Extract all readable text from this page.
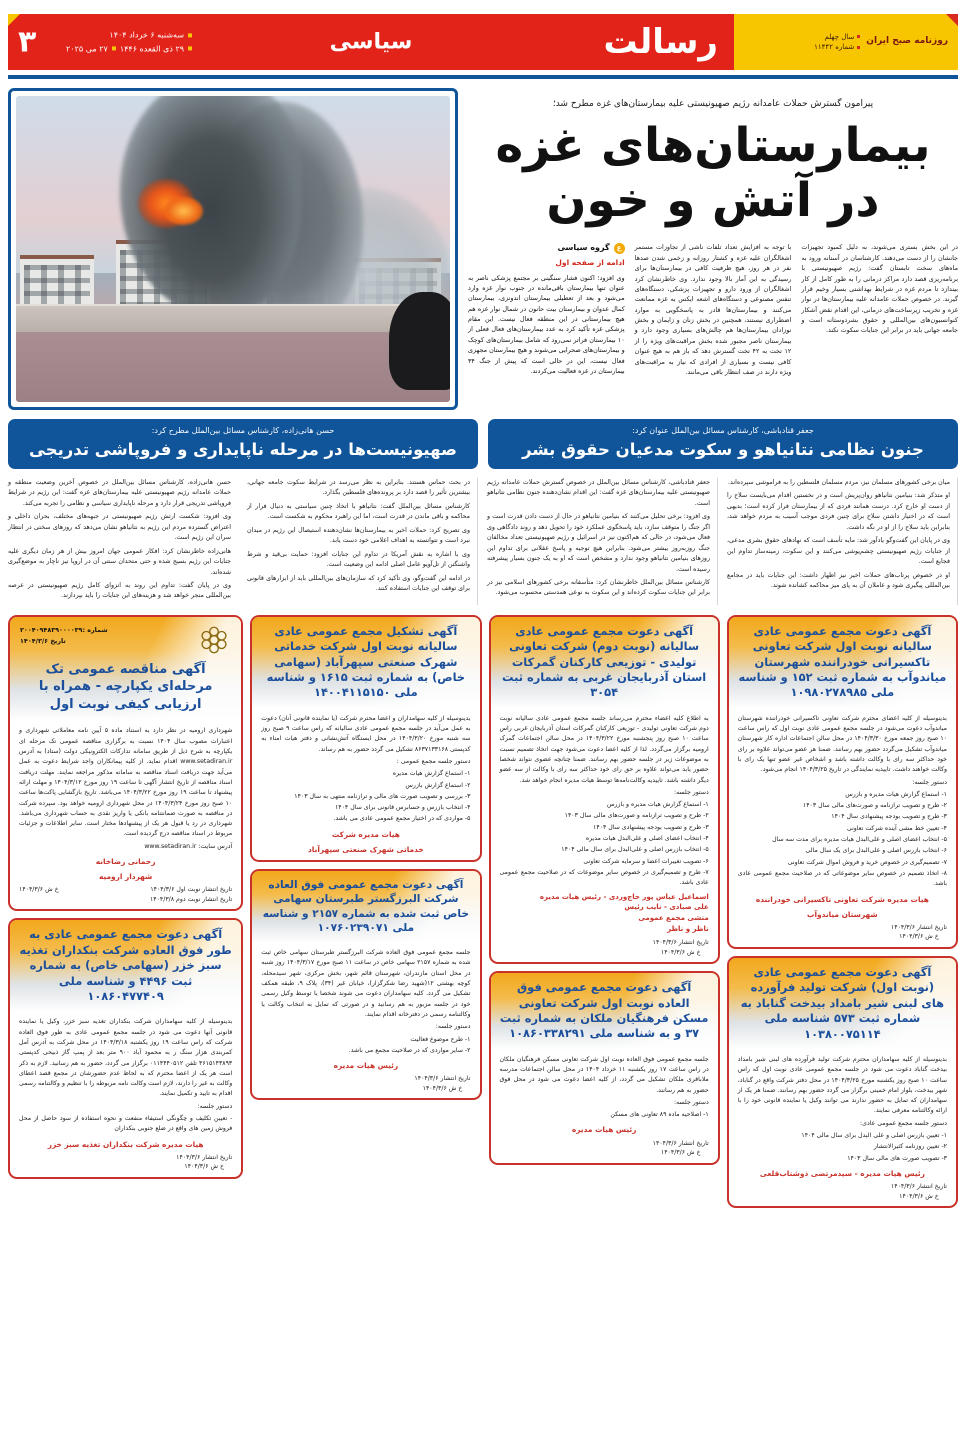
روزنامه صبح ایران
سال چهلم
شماره ۱۱۴۴۲
رسالت
سیاسی
سه‌شنبه ۶ خرداد ۱۴۰۴
۲۹ ذی القعده ۱۴۴۶
۲۷ می ۲۰۲۵
۳
پیرامون گسترش حملات عامدانه رژیم صهیونیستی علیه بیمارستان‌های غزه مطرح شد؛
بیمارستان‌های غزه
در آتش و خون
در این بخش بستری می‌شوند، به دلیل کمبود تجهیزات جانشان را از دست می‌دهند. کارشناسان در آستانه ورود به ماه‌های سخت تابستان گفت: رژیم صهیونیستی با برنامه‌ریزی قصد دارد مراکز درمانی را به طور کامل از کار بیندازد تا مردم غزه در شرایط بهداشتی بسیار وخیم قرار گیرند. در خصوص حملات عامدانه علیه بیمارستان‌ها در نوار غزه و تخریب زیرساخت‌های درمانی، این اقدام نقض آشکار کنوانسیون‌های بین‌المللی و حقوق بشردوستانه است و جامعه جهانی باید در برابر این جنایات سکوت نکند.
با توجه به افزایش تعداد تلفات ناشی از تجاوزات مستمر اشغالگران علیه غزه و کشتار روزانه و زخمی شدن صدها نفر در هر روز، هیچ ظرفیت کافی در بیمارستان‌ها برای رسیدگی به این آمار بالا وجود ندارد. وی خاطرنشان کرد اشغالگران از ورود دارو و تجهیزات پزشکی، دستگاه‌های تنفس مصنوعی و دستگاه‌های اشعه ایکس به غزه ممانعت می‌کنند و بیمارستان‌ها قادر به پاسخگویی به موارد اضطراری نیستند، همچنین در بخش زنان و زایمان و بخش نوزادان بیمارستان‌ها هم چالش‌های بسیاری وجود دارد و بیمارستان ناصر مجبور شده بخش مراقبت‌های ویژه را از ۱۲ تخت به ۴۲ تخت گسترش دهد که باز هم به هیچ عنوان کافی نیست و بسیاری از افرادی که نیاز به مراقبت‌های ویژه دارند در صف انتظار باقی می‌مانند.
ع
گروه سیاسی
ادامه از صفحه اول
وی افزود؛ اکنون فشار سنگینی بر مجتمع پزشکی ناصر به عنوان تنها بیمارستان باقی‌مانده در جنوب نوار غزه وارد می‌شود و بعد از تعطیلی بیمارستان اندونزی، بیمارستان کمال عدوان و بیمارستان بیت حانون در شمال نوار غزه هم هیچ بیمارستانی در این منطقه فعال نیست. این مقام پزشکی غزه تأکید کرد به عدد بیمارستان‌های فعال فعلی از ۱۰ بیمارستان فراتر نمی‌رود که شامل بیمارستان‌های کوچک و بیمارستان‌های صحرایی می‌شوند و هیچ بیمارستان مجهزی فعال نیست، این در حالی است که پیش از جنگ ۳۴ بیمارستان در غزه فعالیت می‌کردند.
جعفر قنادباشی، کارشناس مسائل بین‌الملل عنوان کرد:
جنون نظامی نتانیاهو و سکوت مدعیان حقوق بشر
حسن هانی‌زاده، کارشناس مسائل بین‌الملل مطرح کرد:
صهیونیست‌ها در مرحله ناپایداری و فروپاشی تدریجی

میان برخی کشورهای مسلمان نیز، مردم مسلمان فلسطین را به فراموشی سپرده‌اند.

او متذکر شد: بنیامین نتانیاهو روان‌پریش است و در نخستین اقدام می‌بایست سلاح را از دست او خارج کرد. درست همانند فردی که از بیمارستان فرار کرده است؛ بدیهی است که در اختیار داشتن سلاح برای چنین فردی موجب آسیب به مردم خواهد شد، بنابراین باید سلاح را از او در نگه داشت.

وی در پایان این گفت‌وگو یادآور شد: مایه تأسف است که نهادهای حقوق بشری مدعی، از جنایات رژیم صهیونیستی چشم‌پوشی می‌کنند و این سکوت، زمینه‌ساز تداوم این فجایع است.

او در خصوص پرتاب‌های حملات اخیر نیز اظهار داشت: این جنایات باید در مجامع بین‌المللی پیگیری شود و عاملان آن به پای میز محاکمه کشانده شوند.

جعفر قنادباشی، کارشناس مسائل بین‌الملل در خصوص گسترش حملات عامدانه رژیم صهیونیستی علیه بیمارستان‌های غزه گفت: این اقدام نشان‌دهنده جنون نظامی نتانیاهو است.

وی افزود: برخی تحلیل می‌کنند که بنیامین نتانیاهو در حال از دست دادن قدرت است و اگر جنگ را متوقف سازد، باید پاسخگوی عملکرد خود را تحویل دهد و روند دادگاهی وی فعال می‌شود، در حالی که هم‌اکنون نیز در اسرائیل و رژیم صهیونیستی تعداد مخالفان جنگ روزبه‌روز بیشتر می‌شود. بنابراین هیچ توجیه و پاسخ عقلانی برای تداوم این روزهای بنیامین نتانیاهو وجود ندارد و مشخص است که او به یک جنون بسیار پیشرفته رسیده است.

کارشناس مسائل بین‌الملل خاطرنشان کرد: متأسفانه برخی کشورهای اسلامی نیز در برابر این جنایات سکوت کرده‌اند و این سکوت به نوعی همدستی محسوب می‌شود.

در بحث حماس هستند. بنابراین به نظر می‌رسد در شرایط سکوت جامعه جهانی، بیشترین تأثیر را قصد دارد بر پرونده‌های فلسطین بگذارد.

کارشناس مسائل بین‌الملل گفت: نتانیاهو با اتخاذ چنین سیاستی به دنبال فرار از محاکمه و باقی ماندن در قدرت است، اما این راهبرد محکوم به شکست است.

وی تصریح کرد: حملات اخیر به بیمارستان‌ها نشان‌دهنده استیصال این رژیم در میدان نبرد است و نتوانسته به اهداف اعلامی خود دست یابد.

وی با اشاره به نقش آمریکا در تداوم این جنایات افزود: حمایت بی‌قید و شرط واشنگتن از تل‌آویو عامل اصلی ادامه این وضعیت است.

در ادامه این گفت‌وگو، وی تأکید کرد که سازمان‌های بین‌المللی باید از ابزارهای قانونی برای توقف این جنایات استفاده کنند.

حسن هانی‌زاده، کارشناس مسائل بین‌الملل در خصوص آخرین وضعیت منطقه و حملات عامدانه رژیم صهیونیستی علیه بیمارستان‌های غزه گفت: این رژیم در شرایط فروپاشی تدریجی قرار دارد و مرحله ناپایداری سیاسی و نظامی را تجربه می‌کند.

وی افزود: شکست ارتش رژیم صهیونیستی در جبهه‌های مختلف، بحران داخلی و اعتراض گسترده مردم این رژیم به نتانیاهو نشان می‌دهد که روزهای سختی در انتظار سران این رژیم است.

هانی‌زاده خاطرنشان کرد: افکار عمومی جهان امروز بیش از هر زمان دیگری علیه جنایات این رژیم بسیج شده و حتی متحدان سنتی آن در اروپا نیز ناچار به موضع‌گیری شده‌اند.

وی در پایان گفت: تداوم این روند به انزوای کامل رژیم صهیونیستی در عرصه بین‌المللی منجر خواهد شد و هزینه‌های این جنایات را باید بپردازند.

آگهی دعوت مجمع عمومی عادی سالیانه نوبت اول شرکت تعاونی تاکسیرانی خودراننده شهرستان میاندوآب به شماره ثبت ۱۵۲ و شناسه ملی ۱۰۹۸۰۲۷۸۹۸۵

بدینوسیله از کلیه اعضای محترم شرکت تعاونی تاکسیرانی خودراننده شهرستان میاندوآب دعوت می‌شود در جلسه مجمع عمومی عادی نوبت اول که راس ساعت ۱۰ صبح روز جمعه مورخ ۱۴۰۴/۳/۳۰ در محل سالن اجتماعات اداره کار شهرستان میاندوآب تشکیل می‌گردد حضور بهم رسانند. ضمنا هر عضو می‌تواند علاوه بر رای خود حداکثر سه رای با وکالت داشته باشد و اشخاص غیر عضو تنها یک رای با وکالت خواهند داشت. تاییدیه نمایندگی در تاریخ ۱۴۰۴/۳/۲۵ انجام می‌شود.

دستور جلسه:

۱- استماع گزارش هیات مدیره و بازرس
۲- طرح و تصویب ترازنامه و صورت‌های مالی سال ۱۴۰۳
۳- طرح و تصویب بودجه پیشنهادی سال ۱۴۰۴
۴- تعیین خط مشی آینده شرکت تعاونی
۵- انتخاب اعضای اصلی و علی‌البدل هیات مدیره برای مدت سه سال
۶- انتخاب بازرس اصلی و علی‌البدل برای یک سال مالی
۷- تصمیم‌گیری در خصوص خرید و فروش اموال شرکت تعاونی
۸- اتخاذ تصمیم در خصوص سایر موضوعاتی که در صلاحیت مجمع عمومی عادی باشد.
هیات مدیره شرکت تعاونی تاکسیرانی خودراننده
شهرستان میاندوآب
تاریخ انتشار ۱۴۰۴/۳/۶
خ ش ۱۴۰۴/۳/۶
آگهی دعوت مجمع عمومی عادی (نوبت اول) شرکت تولید فرآورده های لبنی شیر بامداد بیدخت گناباد به شماره ثبت ۵۷۳ شناسه ملی ۱۰۳۸۰۰۷۵۱۱۴

بدینوسیله از کلیه سهامداران محترم شرکت تولید فرآورده های لبنی شیر بامداد بیدخت گناباد دعوت می شود در جلسه مجمع عمومی عادی نوبت اول که راس ساعت ۱۰ صبح روز یکشنبه مورخ ۱۴۰۴/۳/۲۵ در محل دفتر شرکت واقع در گناباد، شهر بیدخت، بلوار امام خمینی برگزار می گردد حضور بهم رسانند. ضمنا هر یک از سهامداران که تمایل به حضور ندارند می توانند وکیل یا نماینده قانونی خود را با ارائه وکالتنامه معرفی نمایند.

دستور جلسه مجمع عمومی عادی:

۱- تعیین بازرس اصلی و علی البدل برای سال مالی ۱۴۰۴
۲- تعیین روزنامه کثیرالانتشار
۳- تصویب صورت های مالی سال ۱۴۰۳
رئیس هیات مدیره - سیدمرتضی ذوشتاب‌قلعی
تاریخ انتشار ۱۴۰۴/۳/۶
خ ش ۱۴۰۴/۳/۶
آگهی دعوت مجمع عمومی عادی سالیانه (نوبت دوم) شرکت تعاونی تولیدی - توزیعی کارکنان گمرکات استان آذربایجان غربی به شماره ثبت ۳۰۵۴

به اطلاع کلیه اعضاء محترم می‌رساند جلسه مجمع عمومی عادی سالیانه نوبت دوم شرکت تعاونی تولیدی - توزیعی کارکنان گمرکات استان آذربایجان غربی راس ساعت ۱۰ صبح روز پنجشنبه مورخ ۱۴۰۴/۳/۲۲ در محل سالن اجتماعات گمرک ارومیه برگزار می‌گردد. لذا از کلیه اعضا دعوت می‌شود جهت اتخاذ تصمیم نسبت به موضوعات زیر در جلسه حضور بهم رسانند. ضمنا چنانچه عضوی نتواند شخصا حضور یابد می‌تواند علاوه بر حق رای خود حداکثر سه رای با وکالت از سه عضو دیگر داشته باشد. تاییدیه وکالت‌نامه‌ها توسط هیات مدیره انجام خواهد شد.

دستور جلسه:

۱- استماع گزارش هیات مدیره و بازرس
۲- طرح و تصویب ترازنامه و صورت‌های مالی سال ۱۴۰۳
۳- طرح و تصویب بودجه پیشنهادی سال ۱۴۰۴
۴- انتخاب اعضای اصلی و علی‌البدل هیات مدیره
۵- انتخاب بازرس اصلی و علی‌البدل برای سال مالی ۱۴۰۴
۶- تصویب تغییرات اعضا و سرمایه شرکت تعاونی
۷- طرح و تصمیم‌گیری در خصوص سایر موضوعات که در صلاحیت مجمع عمومی عادی باشد.
اسماعیل عباس پور حاج‌وردی - رئیس هیات مدیره
علی صیادی - نایب رئیس
منشی مجمع عمومی
ناظر و ناظر
تاریخ انتشار ۱۴۰۴/۳/۶
خ ش ۱۴۰۴/۳/۶
آگهی دعوت مجمع عمومی فوق العاده نوبت اول شرکت تعاونی مسکن فرهنگیان ملکان به شماره ثبت ۳۷ و به شناسه ملی ۱۰۸۶۰۳۳۸۲۹۱

جلسه مجمع عمومی فوق العاده نوبت اول شرکت تعاونی مسکن فرهنگیان ملکان در راس ساعت ۱۷ روز یکشنبه ۱۱ خرداد ۱۴۰۴ در محل سالن اجتماعات مدرسه ملاباقری ملکان تشکیل می گردد، از کلیه اعضا دعوت می شود در محل فوق حضور به هم رسانند.

دستور جلسه:

۱- اصلاحیه ماده ۸۹ تعاونی های مسکن
رئیس هیات مدیره
تاریخ انتشار ۱۴۰۴/۳/۶
خ ش ۱۴۰۴/۳/۶
آگهی تشکیل مجمع عمومی عادی سالیانه نوبت اول شرکت خدماتی شهرک صنعتی سپهرآباد (سهامی خاص) به شماره ثبت ۱۶۱۵ و شناسه ملی ۱۴۰۰۴۱۱۵۱۵۰

بدینوسیله از کلیه سهامداران و اعضا محترم شرکت (یا نماینده قانونی آنان) دعوت به عمل می‌آید در جلسه مجمع عمومی عادی سالیانه که راس ساعت ۹ صبح روز سه شنبه مورخ ۱۴۰۴/۳/۲۰ در محل ایستگاه آتش‌نشانی و دفتر هیات امناء به کدپستی ۸۶۳۷۱۳۳۱۶۸ تشکیل می گردد حضور به هم رساند.

دستور جلسه مجمع عمومی :

۱- استماع گزارش هیات مدیره
۲- استماع گزارش بازرس
۳- بررسی و تصویب صورت های مالی و ترازنامه منتهی به سال ۱۴۰۳
۴- انتخاب بازرس و حسابرس قانونی برای سال ۱۴۰۴
۵- مواردی که در اختیار مجمع عمومی عادی می باشد.
هیات مدیره شرکت
خدماتی شهرک صنعتی سپهرآباد
آگهی دعوت مجمع عمومی فوق العاده شرکت البرزگستر طبرستان سهامی خاص ثبت شده به شماره ۲۱۵۷ و شناسه ملی ۱۰۷۶۰۲۳۹۰۷۱

جلسه مجمع عمومی فوق العاده شرکت البرزگستر طبرستان سهامی خاص ثبت شده به شماره ۲۱۵۷ سهامی خاص در ساعت ۱۱ صبح مورخ ۱۴۰۴/۳/۱۷ روز شنبه در محل استان مازندران، شهرستان قائم شهر، بخش مرکزی، شهر سیدمحله، کوچه بهشتی ۱۲(شهید رضا شکرگزار)، خیابان غیر (۳۴)، پلاک ۹، طبقه همکف تشکیل می گردد. کلیه سهامداران دعوت می شوند شخصا یا توسط وکیل رسمی خود در جلسه مزبور به هم رسانید و در صورتی که تمایل به انتخاب وکالت یا وکالتنامه رسمی در دفترخانه اقدام نمایند.

دستور جلسه:

۱- طرح موضوع فعالیت
۲- سایر مواردی که در صلاحیت مجمع می باشد.
رئیس هیات مدیره
تاریخ انتشار ۱۴۰۴/۳/۶
خ ش ۱۴۰۴/۳/۶
شماره :۲۰۰۴۰۹۴۸۳۹۰۰۰۰۳۹
تاریخ ۱۴۰۴/۳/۶
آگهی مناقصه عمومی تک مرحله‌ای یکپارچه - همراه با ارزیابی کیفی نوبت اول

شهرداری ارومیه در نظر دارد به استناد ماده ۵ آیین نامه معاملاتی شهرداری و اعتبارات مصوب سال ۱۴۰۴ نسبت به برگزاری مناقصه عمومی تک مرحله ای یکپارچه به شرح ذیل از طریق سامانه تدارکات الکترونیکی دولت (ستاد) به آدرس www.setadiran.ir اقدام نماید. از کلیه پیمانکاران واجد شرایط دعوت به عمل می‌آید جهت دریافت اسناد مناقصه به سامانه مذکور مراجعه نمایند. مهلت دریافت اسناد مناقصه از تاریخ انتشار آگهی تا ساعت ۱۹ روز مورخ ۱۴۰۴/۳/۱۲ و مهلت ارائه پیشنهاد تا ساعت ۱۹ روز مورخ ۱۴۰۴/۳/۲۲ می‌باشد. تاریخ بازگشایی پاکت‌ها ساعت ۱۰ صبح روز مورخ ۱۴۰۴/۳/۲۴ در محل شهرداری ارومیه خواهد بود. سپرده شرکت در مناقصه به صورت ضمانتنامه بانکی یا واریز نقدی به حساب شهرداری می‌باشد. شهرداری در رد یا قبول هر یک از پیشنهادها مختار است. سایر اطلاعات و جزئیات مربوط در اسناد مناقصه درج گردیده است.

آدرس سایت: www.setadiran.ir

رحمانی رضاخانه
شهردار ارومیه
تاریخ انتشار نوبت اول ۱۴۰۴/۳/۶
تاریخ انتشار نوبت دوم ۱۴۰۴/۳/۸
خ ش ۱۴۰۴/۳/۶
آگهی دعوت مجمع عمومی عادی به طور فوق العاده شرکت بنکداران تغذیه سبز خزر (سهامی خاص) به شماره ثبت ۴۴۹۶ و شناسه ملی ۱۰۸۶۰۴۷۷۴۰۹

بدینوسیله از کلیه سهامداران شرکت بنکداران تغذیه سبز خزر، وکیل یا نماینده قانونی آنها دعوت می شود در جلسه مجمع عمومی عادی به طور فوق العاده شرکت که راس ساعت ۱۹ روز یکشنبه ۱۴۰۴/۳/۱۸ در محل شرکت به آدرس آمل کمربندی هزار سنگ ر به محمود آباد ۹۰۰ متر بعد از پمپ گاز ذبیحی کدپستی ۴۶۱۵۱۴۳۸۹۳ تلفن ۰۱۱۴۴۴۰۵۱۲ برگزار می گردد، حضور به هم رسانید. لازم به ذکر است هر یک از اعضا محترم که به لحاظ عدم حضورشان در مجمع قصد اعطای وکالت به غیر را دارند، لازم است وکالت نامه مربوطه را با تنظیم و وکالتنامه رسمی اقدام به تایید و تکمیل نمایند.

دستور جلسه:

- تعیین تکلیف و چگونگی استیفاء منفعت و نحوه استفاده از سود حاصل از محل فروش زمین های واقع در ضلع جنوبی بنکداران
هیات مدیره شرکت بنکداران تغذیه سبز خزر
تاریخ انتشار ۱۴۰۴/۳/۶
خ ش ۱۴۰۴/۳/۶
